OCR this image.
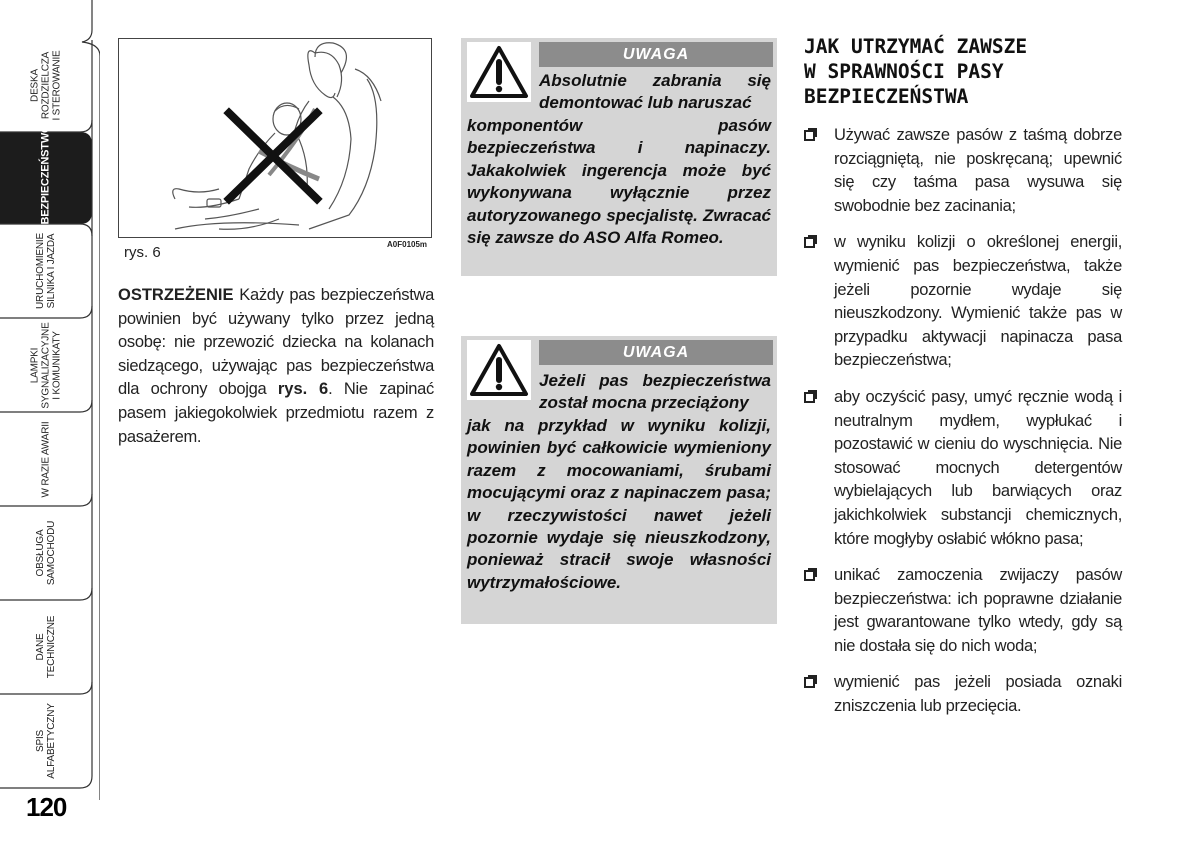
DESKA
ROZDZIELCZA
I STEROWANIE
BEZPIECZEŃSTWO
URUCHOMIENIE
SILNIKA I JAZDA
LAMPKI
SYGNALIZACYJNE
I KOMUNIKATY
W RAZIE AWARII
OBSŁUGA
SAMOCHODU
DANE
TECHNICZNE
SPIS
ALFABETYCZNY
120
rys. 6	A0F0105m

OSTRZEŻENIE Każdy pas bezpieczeństwa powinien być używany tylko przez jedną osobę: nie przewozić dziecka na kolanach siedzącego, używając pas bezpieczeństwa dla ochrony obojga rys. 6. Nie zapinać pasem jakiegokolwiek przedmiotu razem z pasażerem.

UWAGA
Absolutnie zabrania się demontować lub naruszać
komponentów pasów bezpieczeństwa i napinaczy. Jakakolwiek ingerencja może być wykonywana wyłącznie przez autoryzowanego specjalistę. Zwracać się zawsze do ASO Alfa Romeo.
UWAGA
Jeżeli pas bezpieczeństwa został mocna przeciążony
jak na przykład w wyniku kolizji, powinien być całkowicie wymieniony razem z mocowaniami, śrubami mocującymi oraz z napinaczem pasa; w rzeczywistości nawet jeżeli pozornie wydaje się nieuszkodzony, ponieważ stracił swoje własności wytrzymałościowe.
JAK UTRZYMAĆ ZAWSZE
W SPRAWNOŚCI PASY
BEZPIECZEŃSTWA
Używać zawsze pasów z taśmą dobrze rozciągniętą, nie poskręcaną; upewnić się czy taśma pasa wysuwa się swobodnie bez zacinania;
w wyniku kolizji o określonej energii, wymienić pas bezpieczeństwa, także jeżeli pozornie wydaje się nieuszkodzony. Wymienić także pas w przypadku aktywacji napinacza pasa bezpieczeństwa;
aby oczyścić pasy, umyć ręcznie wodą i neutralnym mydłem, wypłukać i pozostawić w cieniu do wyschnięcia. Nie stosować mocnych detergentów wybielających lub barwiących oraz jakichkolwiek substancji chemicznych, które mogłyby osłabić włókno pasa;
unikać zamoczenia zwijaczy pasów bezpieczeństwa: ich poprawne działanie jest gwarantowane tylko wtedy, gdy są nie dostała się do nich woda;
wymienić pas jeżeli posiada oznaki zniszczenia lub przecięcia.
